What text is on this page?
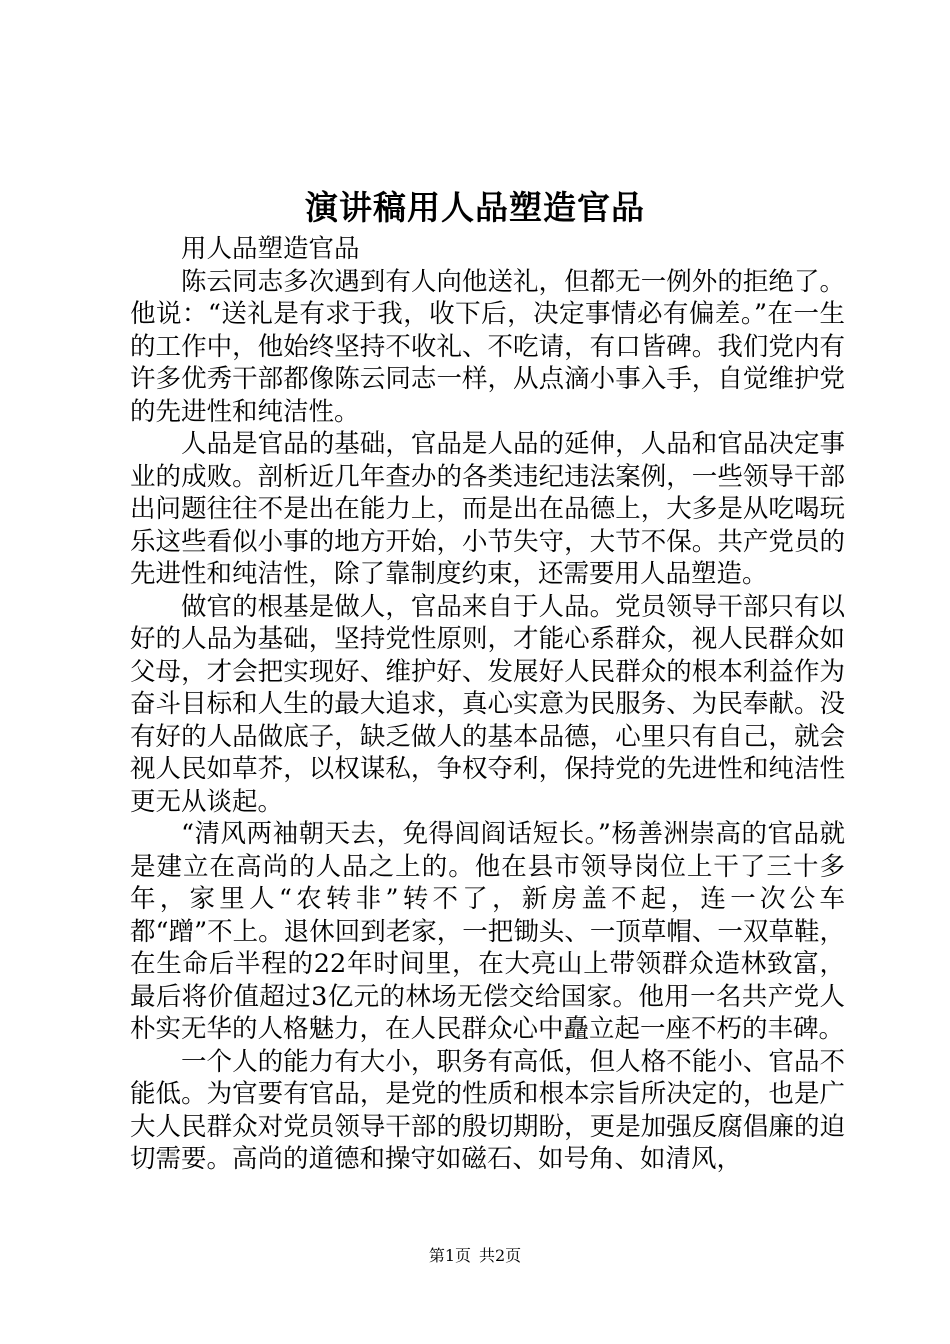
演讲稿用人品塑造官品

用人品塑造官品

陈云同志多次遇到有人向他送礼，但都无一例外的拒绝了。他说：“送礼是有求于我，收下后，决定事情必有偏差。”在一生的工作中，他始终坚持不收礼、不吃请，有口皆碑。我们党内有许多优秀干部都像陈云同志一样，从点滴小事入手，自觉维护党的先进性和纯洁性。

人品是官品的基础，官品是人品的延伸，人品和官品决定事业的成败。剖析近几年查办的各类违纪违法案例，一些领导干部出问题往往不是出在能力上，而是出在品德上，大多是从吃喝玩乐这些看似小事的地方开始，小节失守，大节不保。共产党员的先进性和纯洁性，除了靠制度约束，还需要用人品塑造。

做官的根基是做人，官品来自于人品。党员领导干部只有以好的人品为基础，坚持党性原则，才能心系群众，视人民群众如父母，才会把实现好、维护好、发展好人民群众的根本利益作为奋斗目标和人生的最大追求，真心实意为民服务、为民奉献。没有好的人品做底子，缺乏做人的基本品德，心里只有自己，就会视人民如草芥，以权谋私，争权夺利，保持党的先进性和纯洁性更无从谈起。

“清风两袖朝天去，免得闾阎话短长。”杨善洲崇高的官品就是建立在高尚的人品之上的。他在县市领导岗位上干了三十多年，家里人“农转非”转不了，新房盖不起，连一次公车都“蹭”不上。退休回到老家，一把锄头、一顶草帽、一双草鞋，在生命后半程的22年时间里，在大亮山上带领群众造林致富，最后将价值超过3亿元的林场无偿交给国家。他用一名共产党人朴实无华的人格魅力，在人民群众心中矗立起一座不朽的丰碑。

一个人的能力有大小，职务有高低，但人格不能小、官品不能低。为官要有官品，是党的性质和根本宗旨所决定的，也是广大人民群众对党员领导干部的殷切期盼，更是加强反腐倡廉的迫切需要。高尚的道德和操守如磁石、如号角、如清风，

第1页 共2页
